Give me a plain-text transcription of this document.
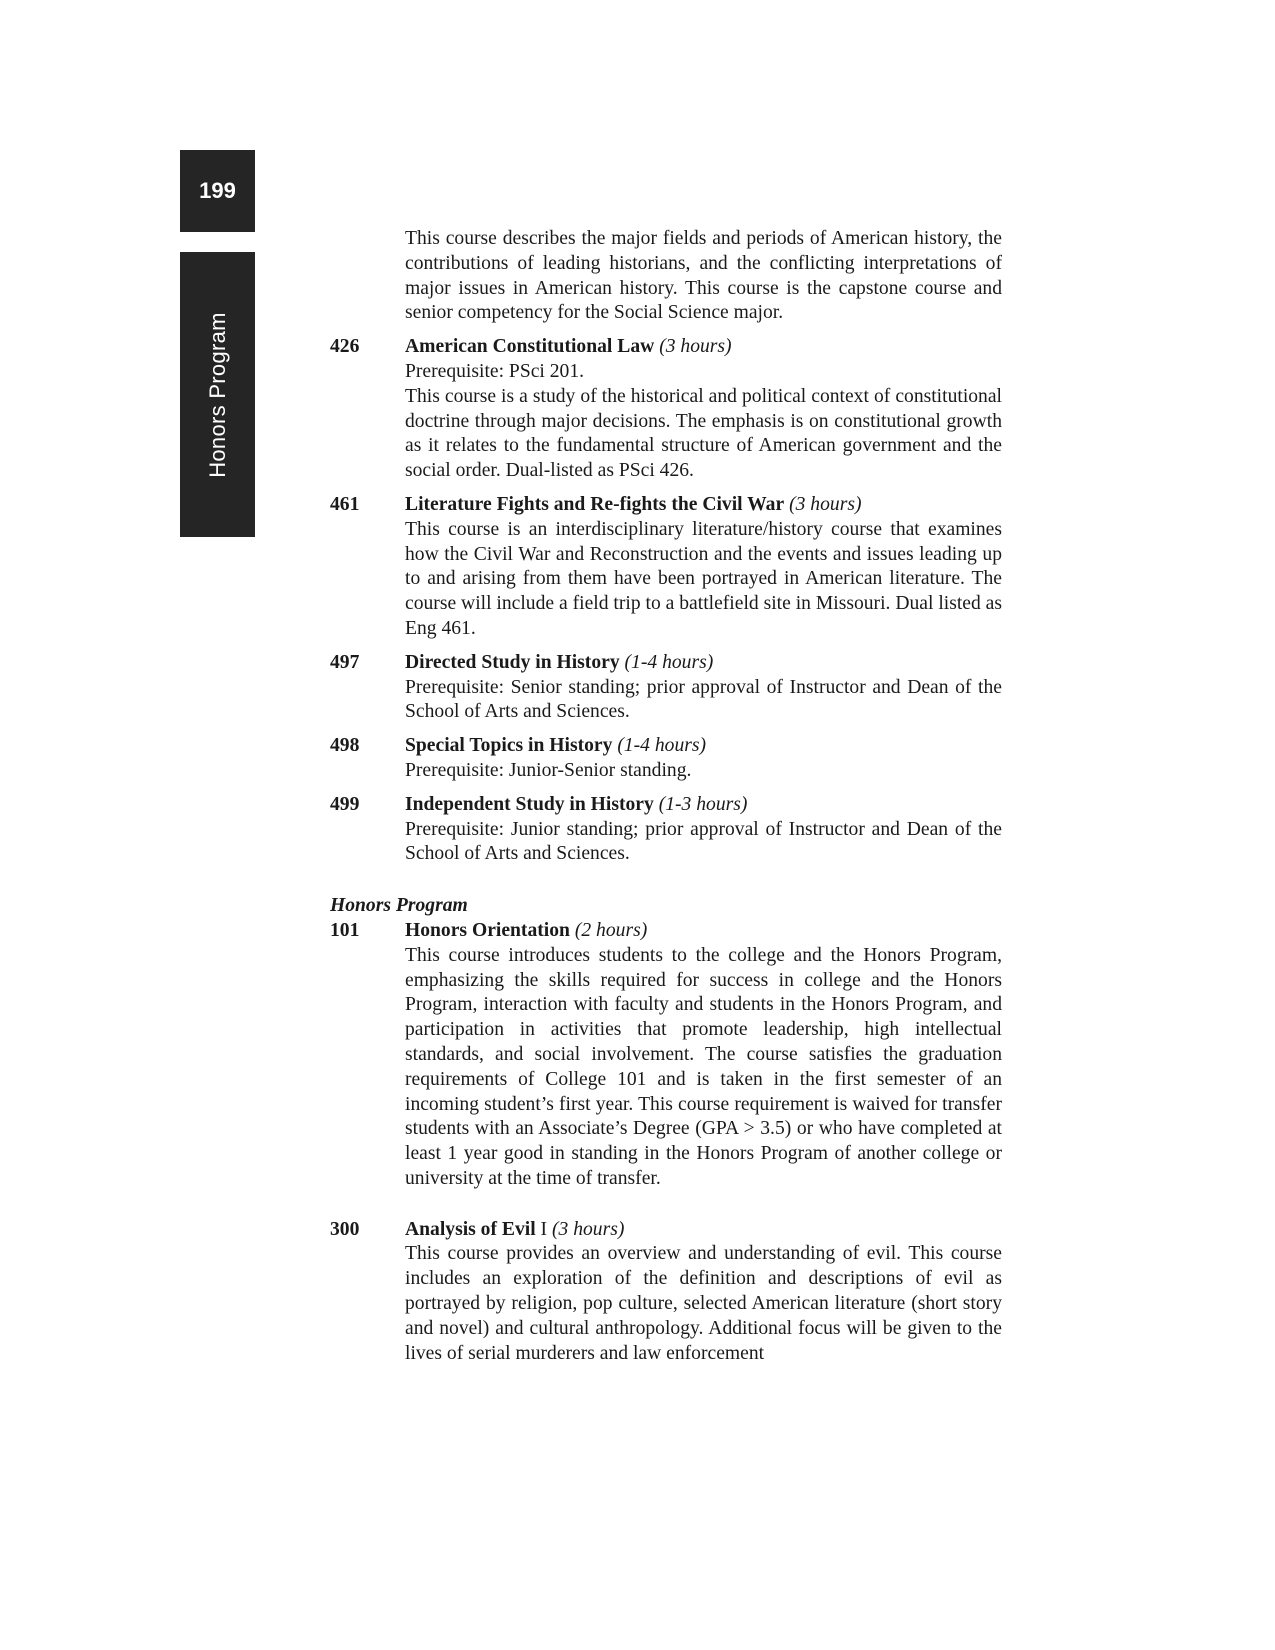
199
Honors Program
This course describes the major fields and periods of American history, the contributions of leading historians, and the conflicting interpretations of major issues in American history. This course is the capstone course and senior competency for the Social Science major.
426	American Constitutional Law (3 hours)
Prerequisite: PSci 201.
This course is a study of the historical and political context of constitutional doctrine through major decisions. The emphasis is on constitutional growth as it relates to the fundamental structure of American government and the social order. Dual-listed as PSci 426.
461	Literature Fights and Re-fights the Civil War (3 hours)
This course is an interdisciplinary literature/history course that examines how the Civil War and Reconstruction and the events and issues leading up to and arising from them have been portrayed in American literature. The course will include a field trip to a battlefield site in Missouri. Dual listed as Eng 461.
497	Directed Study in History (1-4 hours)
Prerequisite: Senior standing; prior approval of Instructor and Dean of the School of Arts and Sciences.
498	Special Topics in History (1-4 hours)
Prerequisite: Junior-Senior standing.
499	Independent Study in History (1-3 hours)
Prerequisite: Junior standing; prior approval of Instructor and Dean of the School of Arts and Sciences.
Honors Program
101	Honors Orientation (2 hours)
This course introduces students to the college and the Honors Program, emphasizing the skills required for success in college and the Honors Program, interaction with faculty and students in the Honors Program, and participation in activities that promote leadership, high intellectual standards, and social involvement. The course satisfies the graduation requirements of College 101 and is taken in the first semester of an incoming student’s first year. This course requirement is waived for transfer students with an Associate’s Degree (GPA > 3.5) or who have completed at least 1 year good in standing in the Honors Program of another college or university at the time of transfer.
300	Analysis of Evil I (3 hours)
This course provides an overview and understanding of evil. This course includes an exploration of the definition and descriptions of evil as portrayed by religion, pop culture, selected American literature (short story and novel) and cultural anthropology. Additional focus will be given to the lives of serial murderers and law enforcement
